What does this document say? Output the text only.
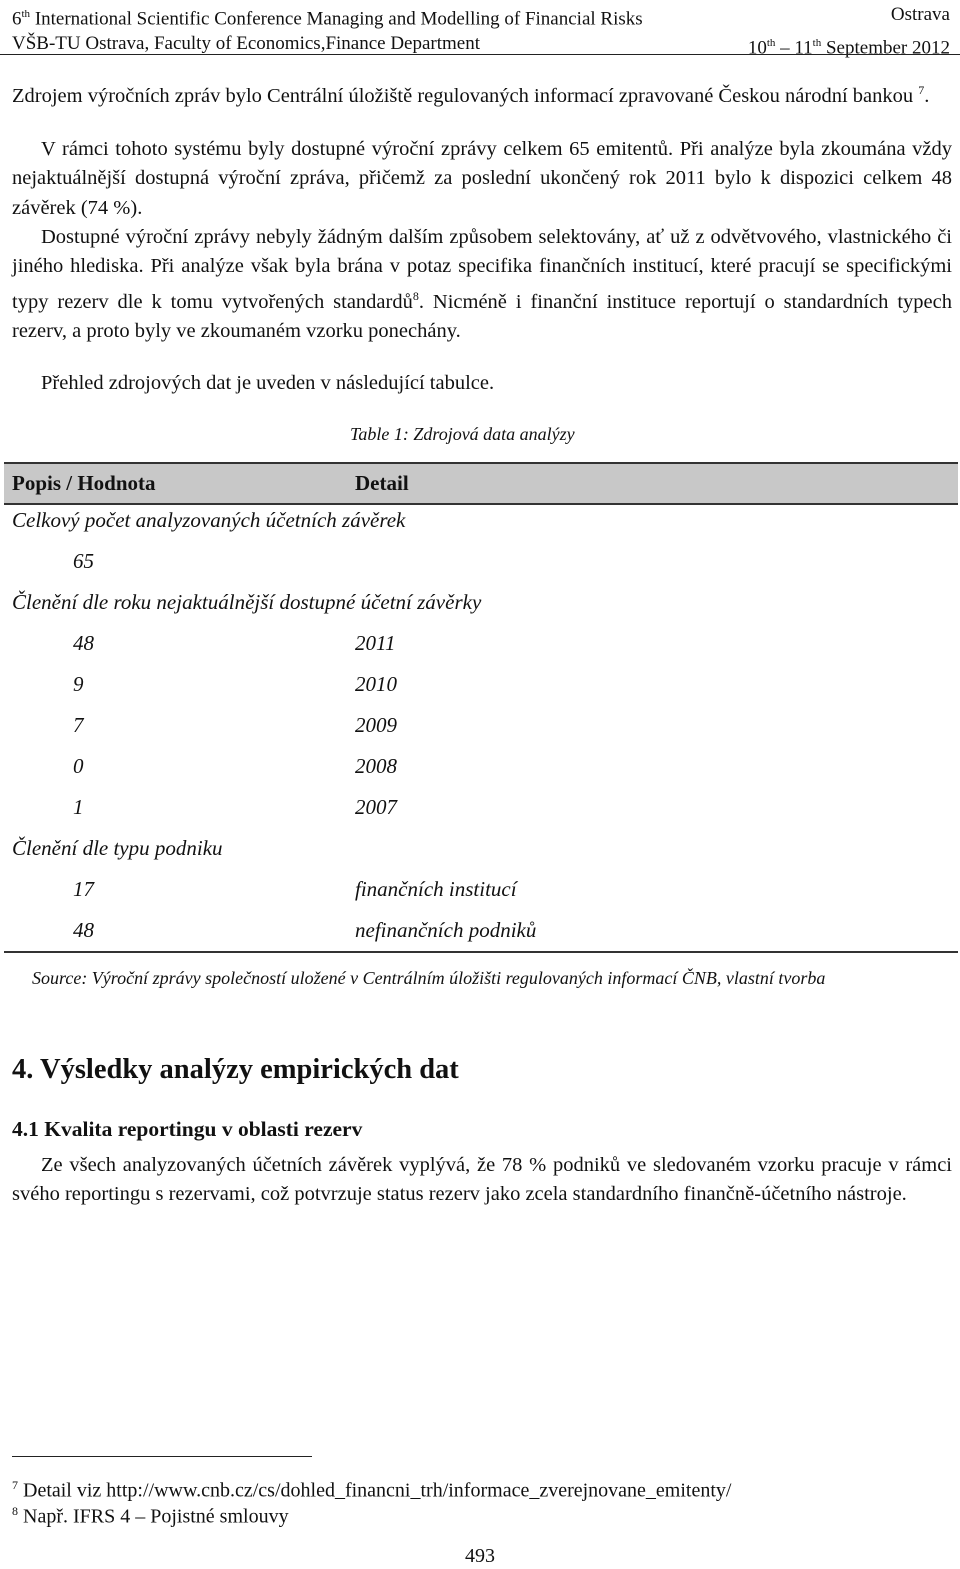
6th International Scientific Conference Managing and Modelling of Financial Risks	Ostrava
VŠB-TU Ostrava, Faculty of Economics,Finance Department	10th – 11th September 2012

Zdrojem výročních zpráv bylo Centrální úložiště regulovaných informací zpravované Českou národní bankou $^7$.

V rámci tohoto systému byly dostupné výroční zprávy celkem 65 emitentů. Při analýze byla zkoumána vždy nejaktuálnější dostupná výroční zpráva, přičemž za poslední ukončený rok 2011 bylo k dispozici celkem 48 závěrek (74 %).

Dostupné výroční zprávy nebyly žádným dalším způsobem selektovány, ať už z odvětvového, vlastnického či jiného hlediska. Při analýze však byla brána v potaz specifika finančních institucí, které pracují se specifickými typy rezerv dle k tomu vytvořených standardů$^8$. Nicméně i finanční instituce reportují o standardních typech rezerv, a proto byly ve zkoumaném vzorku ponechány.

Přehled zdrojových dat je uveden v následující tabulce.

Table 1: Zdrojová data analýzy
Popis / Hodnota	Detail
Celkový počet analyzovaných účetních závěrek
65
Členění dle roku nejaktuálnější dostupné účetní závěrky
48	2011
9	2010
7	2009
0	2008
1	2007
Členění dle typu podniku
17	finančních institucí
48	nefinančních podniků
Source: Výroční zprávy společností uložené v Centrálním úložišti regulovaných informací ČNB, vlastní tvorba
4. Výsledky analýzy empirických dat
4.1 Kvalita reportingu v oblasti rezerv

Ze všech analyzovaných účetních závěrek vyplývá, že 78 % podniků ve sledovaném vzorku pracuje v rámci svého reportingu s rezervami, což potvrzuje status rezerv jako zcela standardního finančně-účetního nástroje.

$^7$ Detail viz http://www.cnb.cz/cs/dohled_financni_trh/informace_zverejnovane_emitenty/
$^8$ Např. IFRS 4 – Pojistné smlouvy
493
